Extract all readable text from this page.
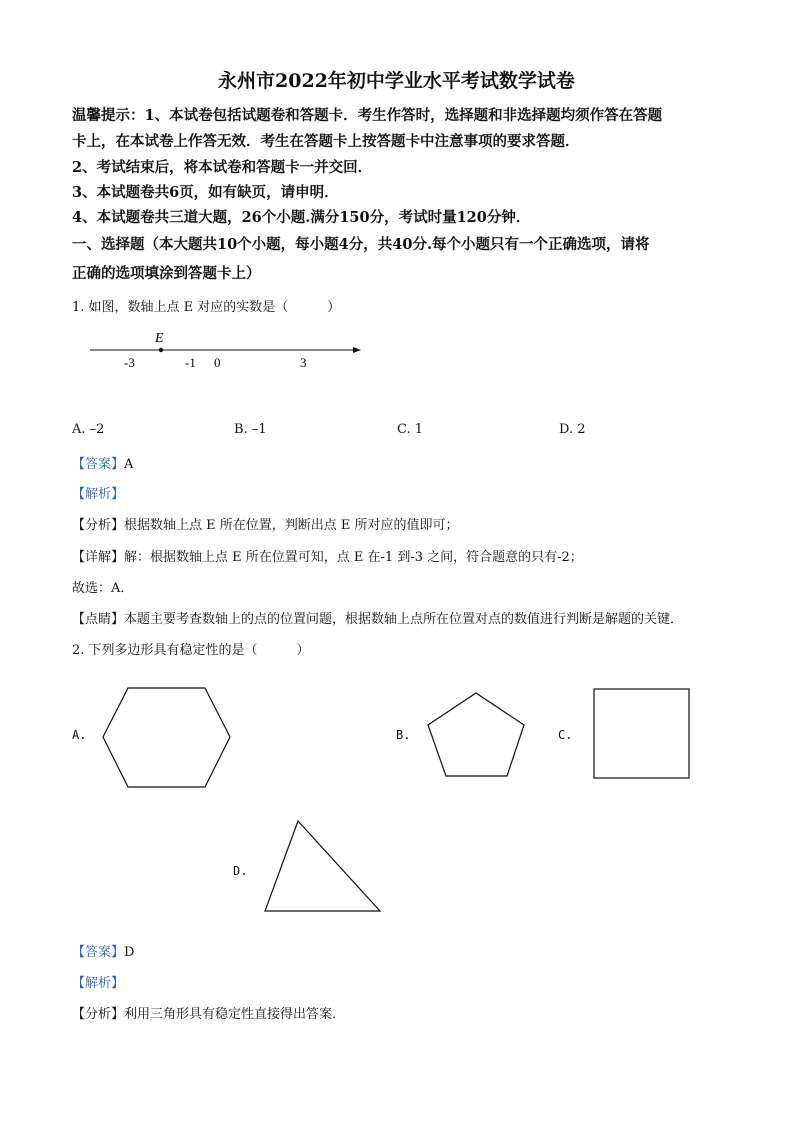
永州市2022年初中学业水平考试数学试卷
温馨提示：1、本试卷包括试题卷和答题卡．考生作答时，选择题和非选择题均须作答在答题
卡上，在本试卷上作答无效．考生在答题卡上按答题卡中注意事项的要求答题．
2、考试结束后，将本试卷和答题卡一并交回．
3、本试题卷共6页，如有缺页，请申明．
4、本试题卷共三道大题，26个小题.满分150分，考试时量120分钟．
一、选择题（本大题共10个小题，每小题4分，共40分.每个小题只有一个正确选项，请将
正确的选项填涂到答题卡上）
1. 如图，数轴上点 E 对应的实数是（　　　）
E
-3	-1 0	3
A. –2	B. –1	C. 1	D. 2
【答案】A
【解析】
【分析】根据数轴上点 E 所在位置，判断出点 E 所对应的值即可；
【详解】解：根据数轴上点 E 所在位置可知，点 E 在-1 到-3 之间，符合题意的只有-2；
故选：A．
【点睛】本题主要考查数轴上的点的位置问题，根据数轴上点所在位置对点的数值进行判断是解题的关键．
2. 下列多边形具有稳定性的是（　　　）
A.	B.	C.
D.
【答案】D
【解析】
【分析】利用三角形具有稳定性直接得出答案．
